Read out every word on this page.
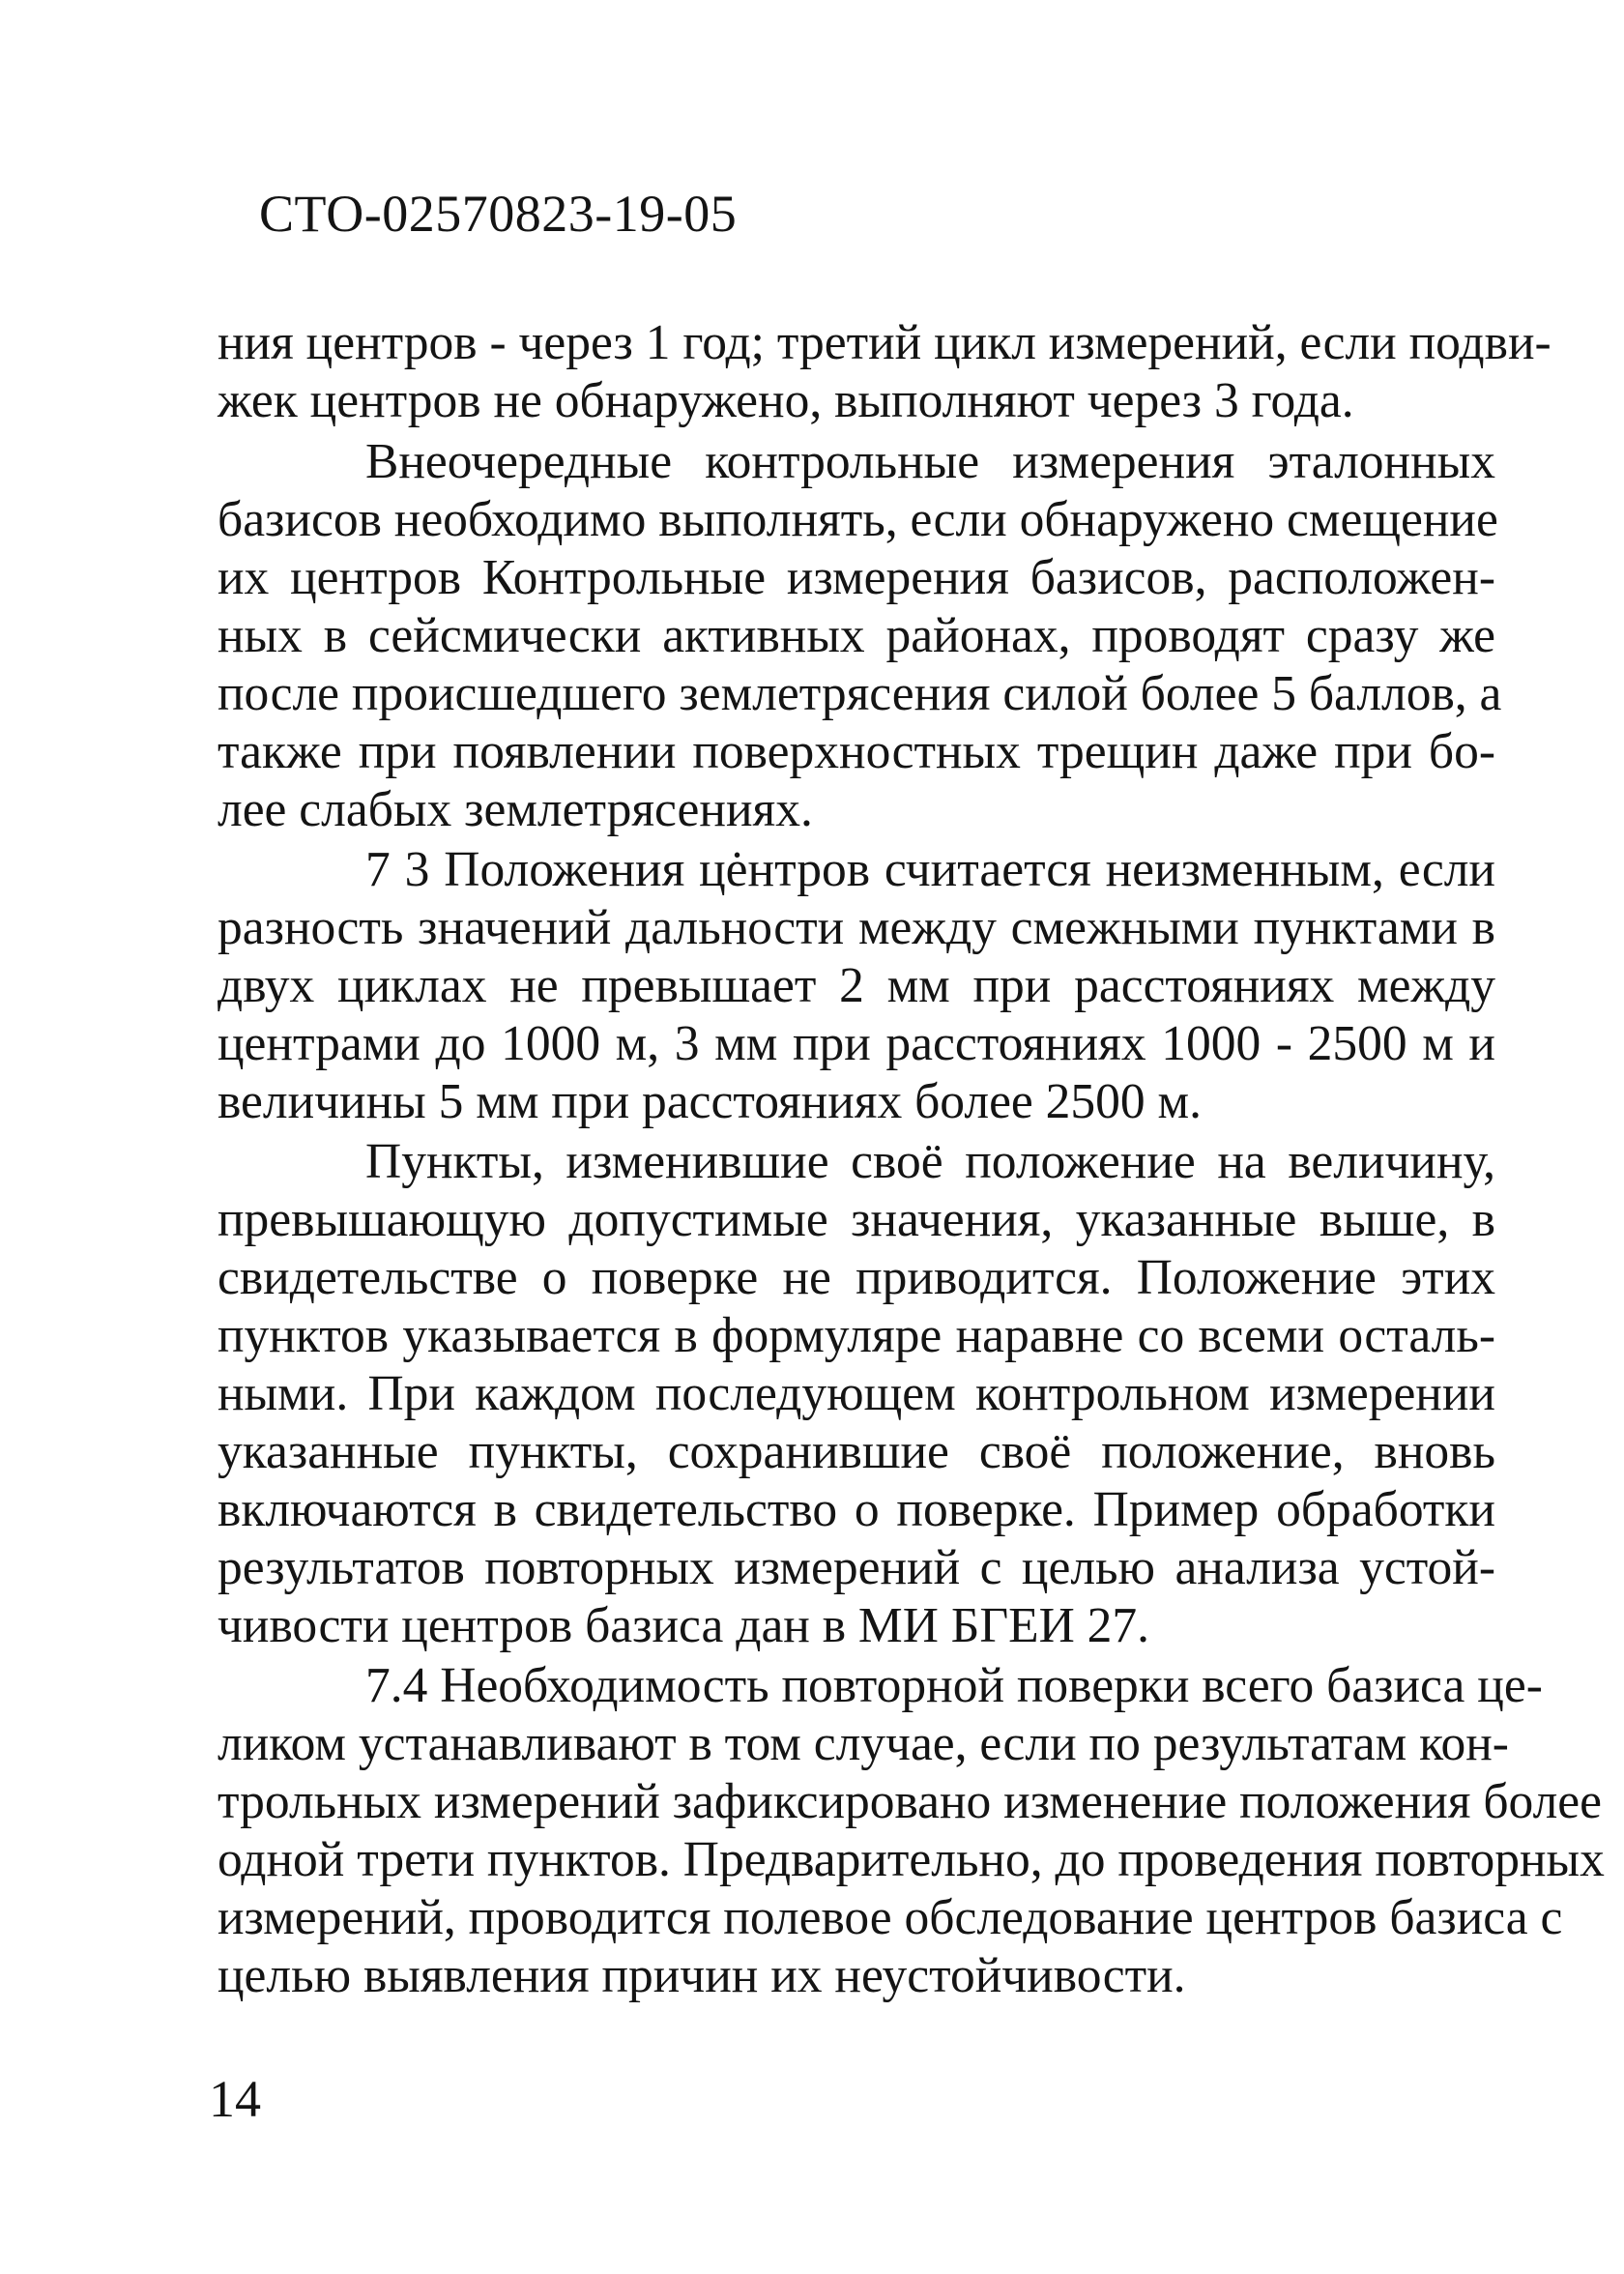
СТО-02570823-19-05
ния центров - через 1 год; третий цикл измерений, если подви-
жек центров не обнаружено, выполняют через 3 года.
Внеочередные контрольные измерения эталонных
базисов необходимо выполнять, если обнаружено смещение
их центров Контрольные измерения базисов, расположен-
ных в сейсмически активных районах, проводят сразу же
после происшедшего землетрясения силой более 5 баллов, а
также при появлении поверхностных трещин даже при бо-
лее слабых землетрясениях.
7 3 Положения цėнтров считается неизменным, если
разность значений дальности между смежными пунктами в
двух циклах не превышает 2 мм при расстояниях между
центрами до 1000 м, 3 мм при расстояниях 1000 - 2500 м и
величины 5 мм при расстояниях более 2500 м.
Пункты, изменившие своё положение на величину,
превышающую допустимые значения, указанные выше, в
свидетельстве о поверке не приводится. Положение этих
пунктов указывается в формуляре наравне со всеми осталь-
ными. При каждом последующем контрольном измерении
указанные пункты, сохранившие своё положение, вновь
включаются в свидетельство о поверке. Пример обработки
результатов повторных измерений с целью анализа устой-
чивости центров базиса дан в МИ БГЕИ 27.
7.4 Необходимость повторной поверки всего базиса це-
ликом устанавливают в том случае, если по результатам кон-
трольных измерений зафиксировано изменение положения более
одной трети пунктов. Предварительно, до проведения повторных
измерений, проводится полевое обследование центров базиса с
целью выявления причин их неустойчивости.
14
